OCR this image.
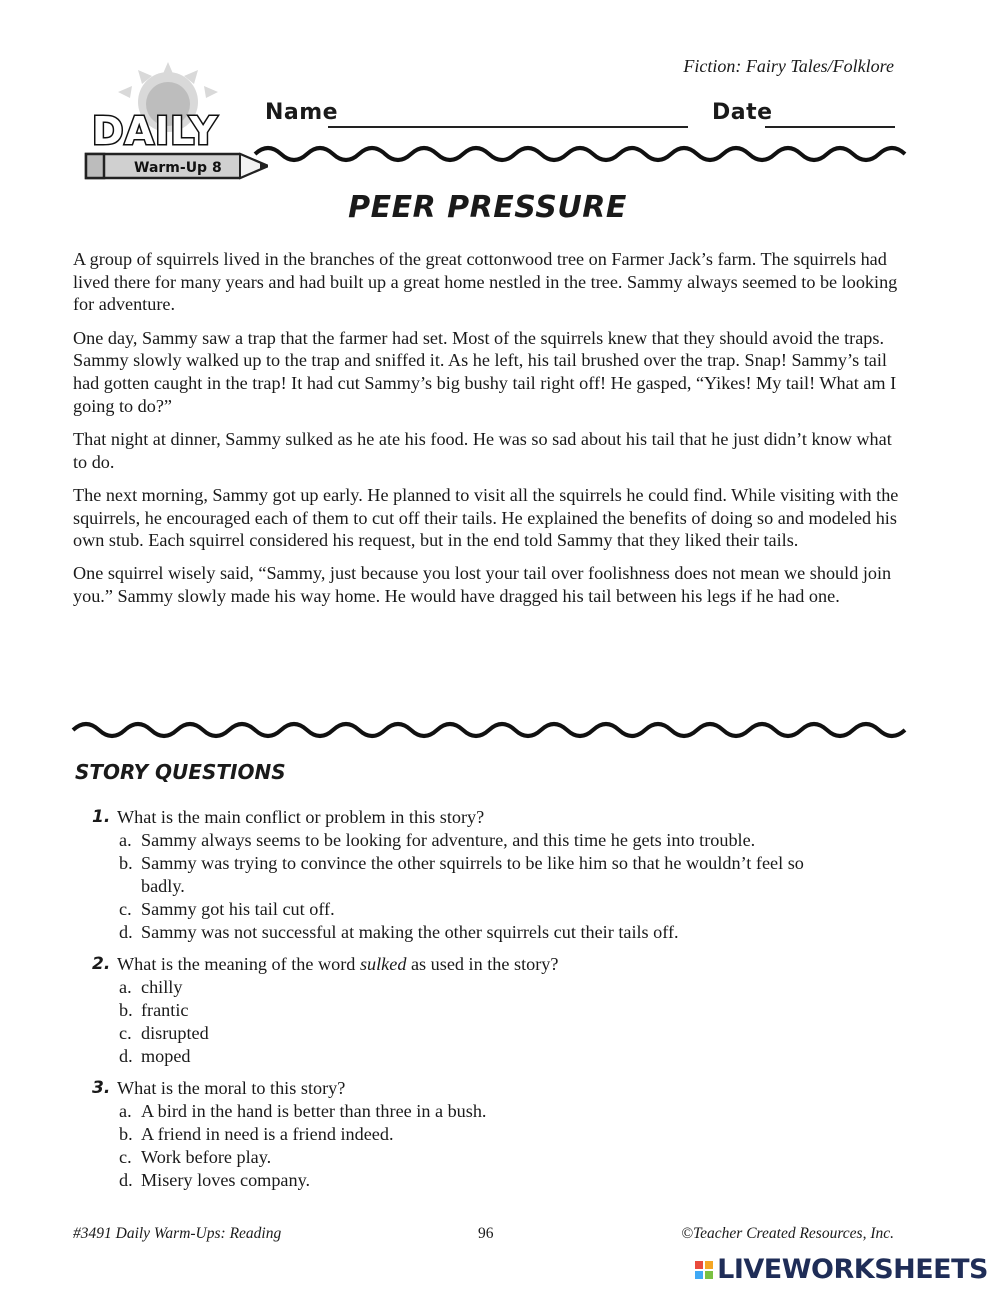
Fiction: Fairy Tales/Folklore
DAILY
Warm-Up 8
Name	Date
PEER PRESSURE

A group of squirrels lived in the branches of the great cottonwood tree on Farmer Jack’s farm. The squirrels had lived there for many years and had built up a great home nestled in the tree. Sammy always seemed to be looking for adventure.

One day, Sammy saw a trap that the farmer had set. Most of the squirrels knew that they should avoid the traps. Sammy slowly walked up to the trap and sniffed it. As he left, his tail brushed over the trap. Snap! Sammy’s tail had gotten caught in the trap! It had cut Sammy’s big bushy tail right off! He gasped, “Yikes! My tail! What am I going to do?”

That night at dinner, Sammy sulked as he ate his food. He was so sad about his tail that he just didn’t know what to do.

The next morning, Sammy got up early. He planned to visit all the squirrels he could find. While visiting with the squirrels, he encouraged each of them to cut off their tails. He explained the benefits of doing so and modeled his own stub. Each squirrel considered his request, but in the end told Sammy that they liked their tails.

One squirrel wisely said, “Sammy, just because you lost your tail over foolishness does not mean we should join you.” Sammy slowly made his way home. He would have dragged his tail between his legs if he had one.

STORY QUESTIONS
1. What is the main conflict or problem in this story?
a. Sammy always seems to be looking for adventure, and this time he gets into trouble.
b. Sammy was trying to convince the other squirrels to be like him so that he wouldn’t feel so badly.
c. Sammy got his tail cut off.
d. Sammy was not successful at making the other squirrels cut their tails off.
2. What is the meaning of the word sulked as used in the story?
a. chilly
b. frantic
c. disrupted
d. moped
3. What is the moral to this story?
a. A bird in the hand is better than three in a bush.
b. A friend in need is a friend indeed.
c. Work before play.
d. Misery loves company.
#3491 Daily Warm-Ups: Reading	96	©Teacher Created Resources, Inc.
LIVEWORKSHEETS
